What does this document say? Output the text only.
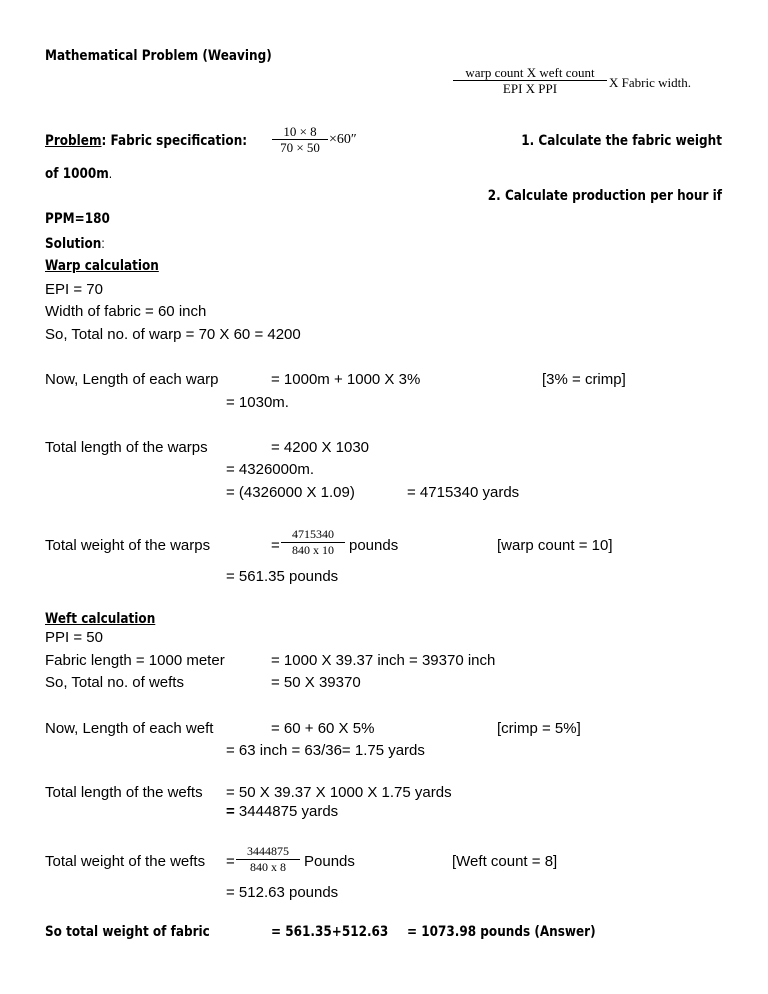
Mathematical Problem (Weaving)
warp count X weft count
EPI X PPI	X Fabric width.
Problem: Fabric specification:
10 × 8
70 × 50
×60″	1. Calculate the fabric weight
of 1000m.
2. Calculate production per hour if
PPM=180
Solution:
Warp calculation
EPI = 70
Width of fabric = 60 inch
So, Total no. of warp = 70 X 60 = 4200
Now, Length of each warp	= 1000m + 1000 X 3%	[3% = crimp]
= 1030m.
Total length of the warps	= 4200 X 1030
= 4326000m.
= (4326000 X 1.09)	= 4715340 yards
Total weight of the warps	=
4715340
840 x 10	pounds	[warp count = 10]
= 561.35 pounds
Weft calculation
PPI = 50
Fabric length = 1000 meter	= 1000 X 39.37 inch = 39370 inch
So, Total no. of wefts	= 50 X 39370
Now, Length of each weft	= 60 + 60 X 5%	[crimp = 5%]
= 63 inch = 63/36= 1.75 yards
Total length of the wefts = 50 X 39.37 X 1000 X 1.75 yards
= 3444875 yards
Total weight of the wefts =
3444875
840 x 8	Pounds	[Weft count = 8]
= 512.63 pounds
So total weight of fabric	= 561.35+512.63 = 1073.98 pounds (Answer)
